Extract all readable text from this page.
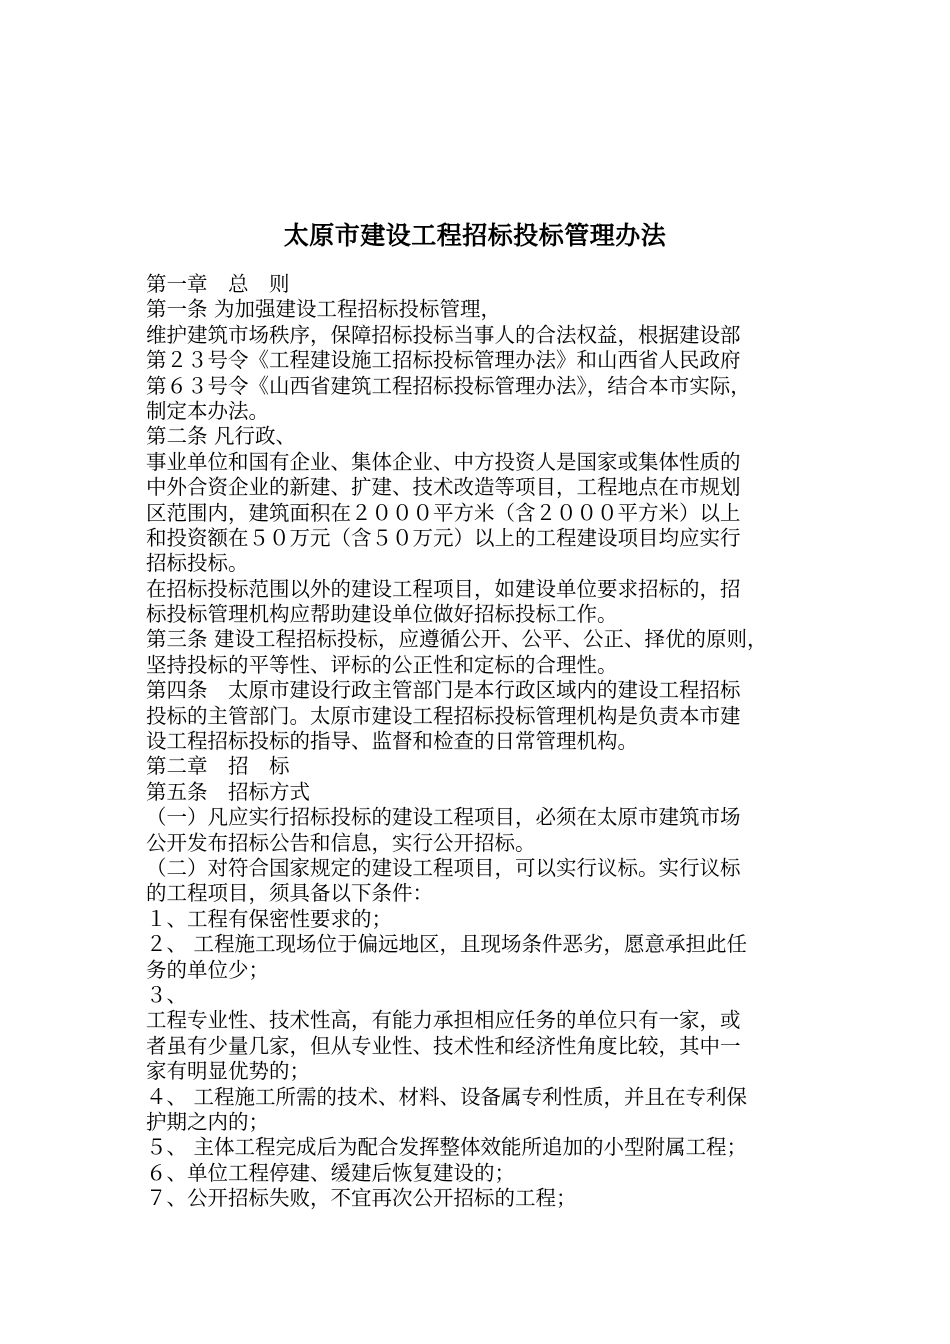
太原市建设工程招标投标管理办法
第一章　总　则
第一条 为加强建设工程招标投标管理，
维护建筑市场秩序，保障招标投标当事人的合法权益，根据建设部
第２３号令《工程建设施工招标投标管理办法》和山西省人民政府
第６３号令《山西省建筑工程招标投标管理办法》，结合本市实际，
制定本办法。
第二条 凡行政、
事业单位和国有企业、集体企业、中方投资人是国家或集体性质的
中外合资企业的新建、扩建、技术改造等项目，工程地点在市规划
区范围内，建筑面积在２０００平方米（含２０００平方米）以上
和投资额在５０万元（含５０万元）以上的工程建设项目均应实行
招标投标。
在招标投标范围以外的建设工程项目，如建设单位要求招标的，招
标投标管理机构应帮助建设单位做好招标投标工作。
第三条 建设工程招标投标，应遵循公开、公平、公正、择优的原则，
坚持投标的平等性、评标的公正性和定标的合理性。
第四条　太原市建设行政主管部门是本行政区域内的建设工程招标
投标的主管部门。太原市建设工程招标投标管理机构是负责本市建
设工程招标投标的指导、监督和检查的日常管理机构。
第二章　招　标
第五条　招标方式
（一）凡应实行招标投标的建设工程项目，必须在太原市建筑市场
公开发布招标公告和信息，实行公开招标。
（二）对符合国家规定的建设工程项目，可以实行议标。实行议标
的工程项目，须具备以下条件：
１、工程有保密性要求的；
２、 工程施工现场位于偏远地区，且现场条件恶劣，愿意承担此任
务的单位少；
３、
工程专业性、技术性高，有能力承担相应任务的单位只有一家，或
者虽有少量几家，但从专业性、技术性和经济性角度比较，其中一
家有明显优势的；
４、 工程施工所需的技术、材料、设备属专利性质，并且在专利保
护期之内的；
５、 主体工程完成后为配合发挥整体效能所追加的小型附属工程；
６、单位工程停建、缓建后恢复建设的；
７、公开招标失败，不宜再次公开招标的工程；
